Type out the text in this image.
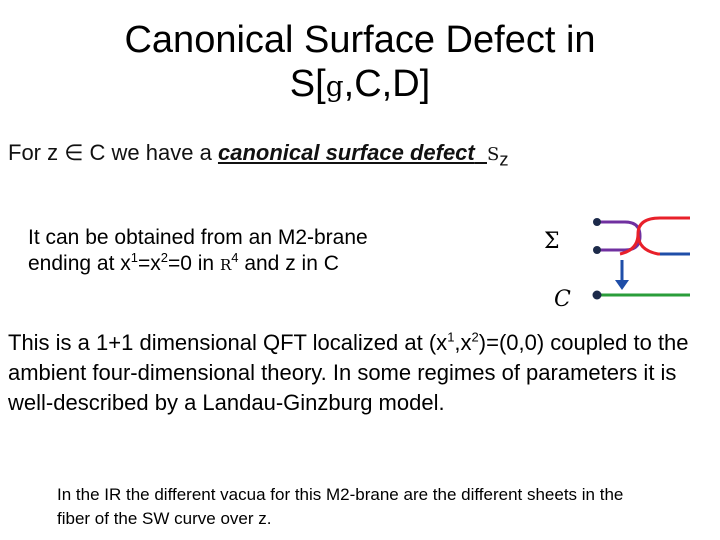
Canonical Surface Defect in
S[g,C,D]
For z ∈ C we have a canonical surface defect $S_z$
It can be obtained from an M2-brane
ending at $x^1=x^2=0$ in $R^4$ and z in C
Σ
C
This is a 1+1 dimensional QFT localized at $(x^1,x^2)=(0,0)$ coupled to the ambient four-dimensional theory. In some regimes of parameters it is well-described by a Landau-Ginzburg model.
In the IR the different vacua for this M2-brane are the different sheets in the fiber of the SW curve over z.
